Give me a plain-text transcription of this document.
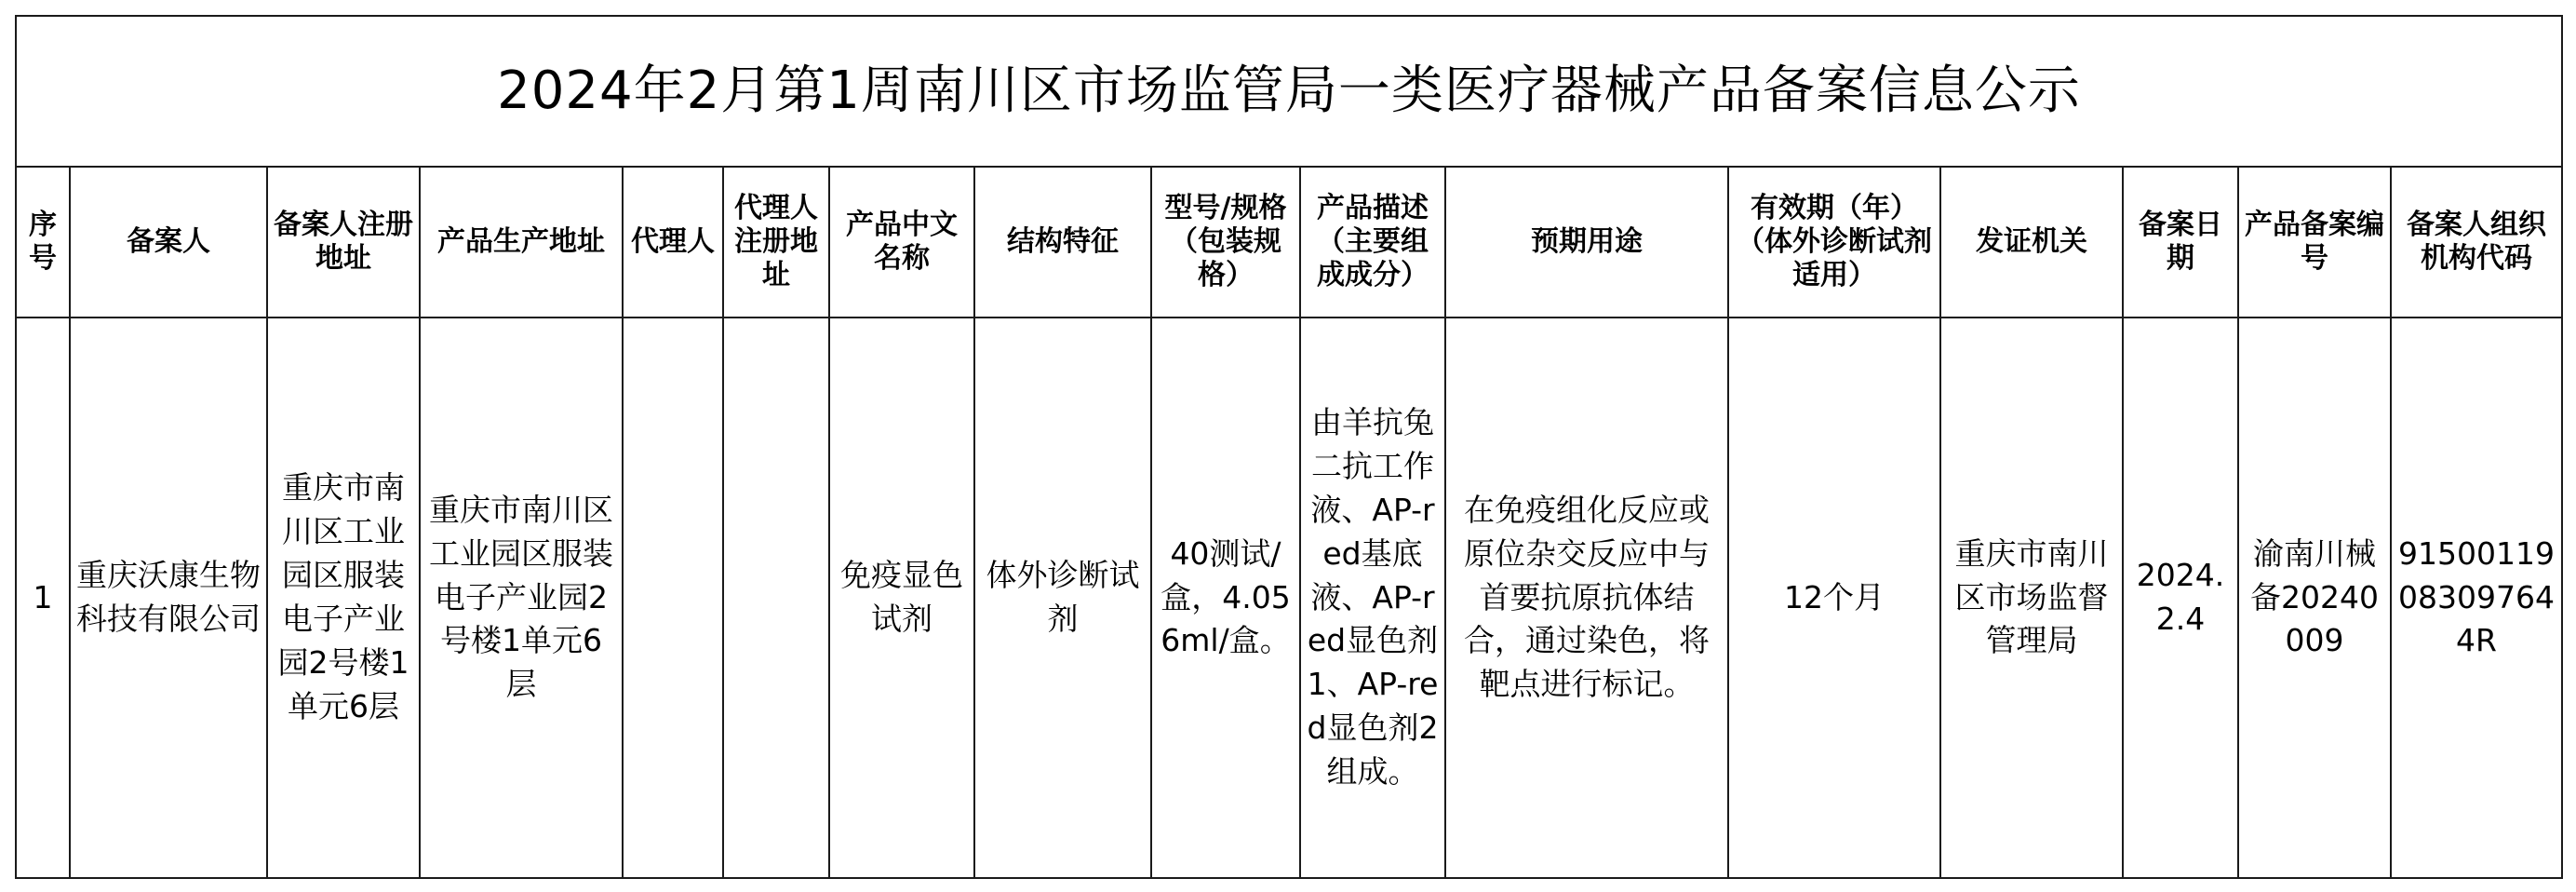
2024年2月第1周南川区市场监管局一类医疗器械产品备案信息公示															
序号	备案人	备案人注册地址	产品生产地址	代理人	代理人注册地址	产品中文名称	结构特征	型号/规格（包装规格）	产品描述（主要组成成分）	预期用途	有效期（年）（体外诊断试剂适用）	发证机关	备案日期	产品备案编号	备案人组织机构代码
1	重庆沃康生物科技有限公司	重庆市南川区工业园区服装电子产业园2号楼1单元6层	重庆市南川区工业园区服装电子产业园2号楼1单元6层			免疫显色试剂	体外诊断试剂	40测试/盒，4.056ml/盒。	由羊抗兔二抗工作液、AP-red基底液、AP-red显色剂1、AP-red显色剂2组成。	在免疫组化反应或原位杂交反应中与首要抗原抗体结合，通过染色，将靶点进行标记。	12个月	重庆市南川区市场监督管理局	2024.2.4	渝南川械备20240009	91500119083097644R
